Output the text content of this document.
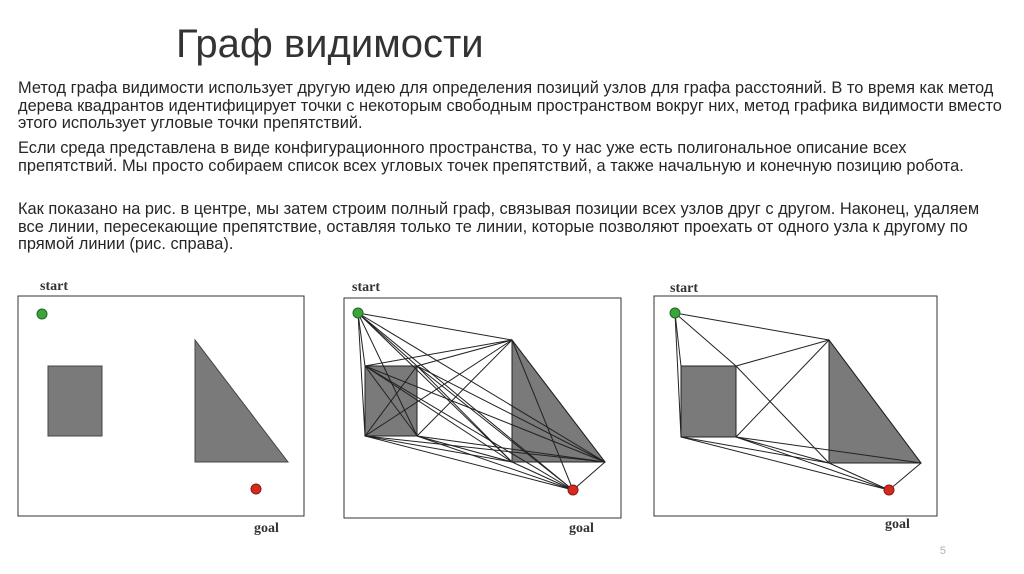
Граф видимости

Метод графа видимости использует другую идею для определения позиций узлов для графа расстояний. В то время как метод дерева квадрантов идентифицирует точки с некоторым свободным пространством вокруг них, метод графика видимости вместо этого использует угловые точки препятствий.

Если среда представлена в виде конфигурационного пространства, то у нас уже есть полигональное описание всех препятствий. Мы просто собираем список всех угловых точек препятствий, а также начальную и конечную позицию робота.

Как показано на рис. в центре, мы затем строим полный граф, связывая позиции всех узлов друг с другом. Наконец, удаляем все линии, пересекающие препятствие, оставляя только те линии, которые позволяют проехать от одного узла к другому по прямой линии (рис. справа).

start
goal
start
goal
start
goal
5
